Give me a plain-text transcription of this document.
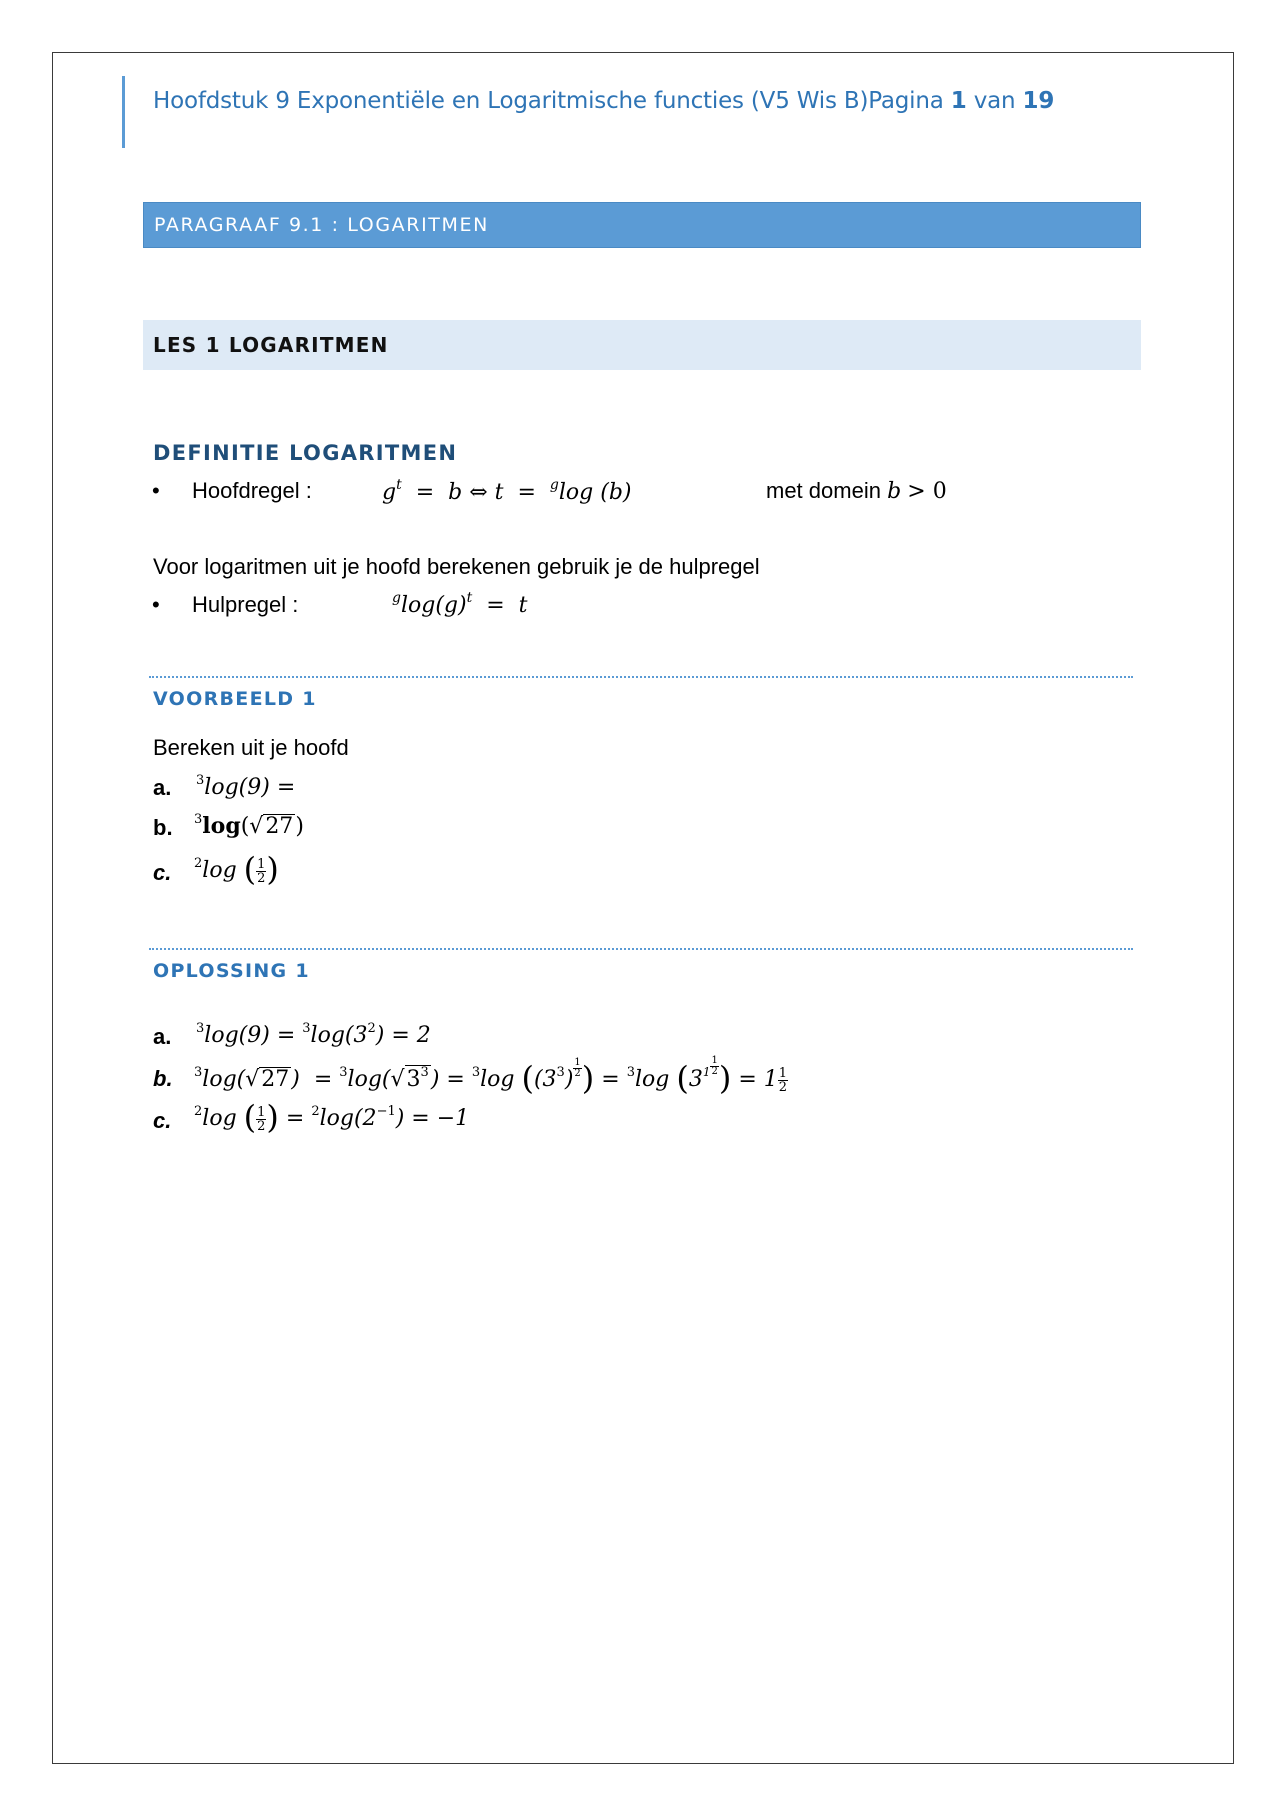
Hoofdstuk 9 Exponentiële en Logaritmische functies (V5 Wis B)Pagina 1 van 19
PARAGRAAF 9.1 : LOGARITMEN
LES 1 LOGARITMEN
DEFINITIE LOGARITMEN
• Hoofdregel :	$g^t = b$ ⇔ t  =  $^g$log (b)	met domein b > 0
Voor logaritmen uit je hoofd berekenen gebruik je de hulpregel
• Hulpregel :	$^g\log(g)^t = t$
VOORBEELD 1
Bereken uit je hoofd
a. $^3$log(9) =
b. $^3$log(√27)
c. $^2$log ( $\frac{1}{2}$ )
OPLOSSING 1
a. $^3\log(9) = ^3\log(3^2) = 2$
b. $^3\log(√27) = ^3\log(√3^3) = ^3\log$ ($(3^3) \frac{1}{2}$ ) = $^3$log ($3^1 \frac{1}{2}$ ) = $1 \frac{1}{2}$
c. $^2$log ( $\frac{1}{2}$ ) = $^2\log(2^{-1}) = -1$
